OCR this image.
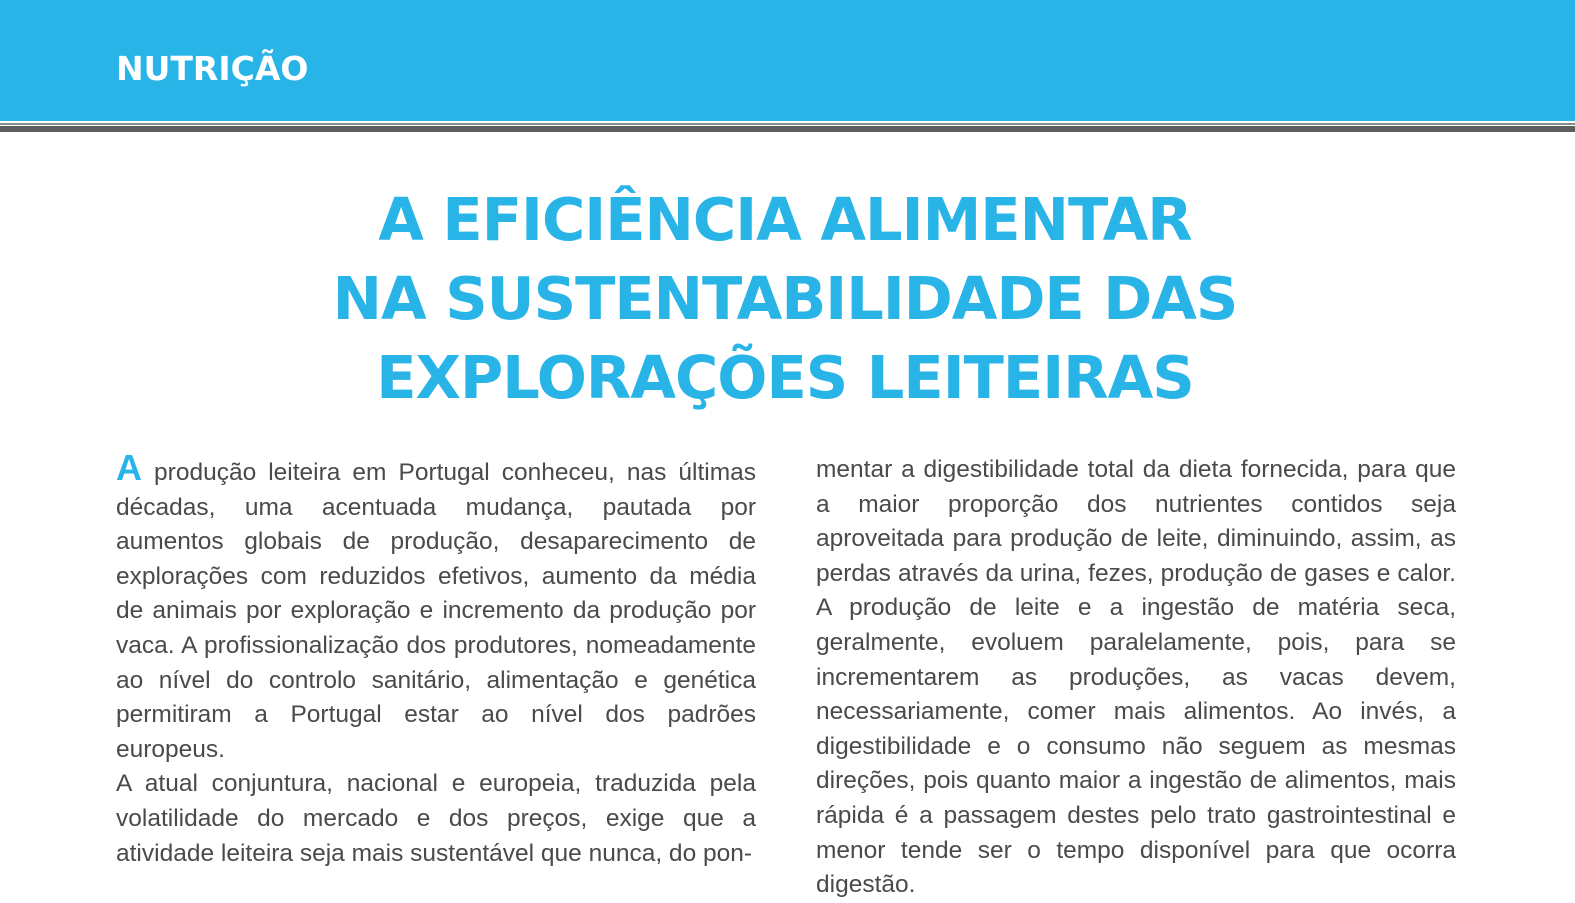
NUTRIÇÃO
A EFICIÊNCIA ALIMENTAR
NA SUSTENTABILIDADE DAS
EXPLORAÇÕES LEITEIRAS

A produção leiteira em Portugal conheceu, nas últimas décadas, uma acentuada mudança, pautada por aumentos globais de produção, desaparecimento de explorações com reduzidos efetivos, aumento da média de animais por exploração e incremento da produção por vaca. A profissionalização dos produtores, nomeadamente ao nível do controlo sanitário, alimentação e genética permitiram a Portugal estar ao nível dos padrões europeus.

A atual conjuntura, nacional e europeia, traduzida pela volatilidade do mercado e dos preços, exige que a atividade leiteira seja mais sustentável que nunca, do pon-

mentar a digestibilidade total da dieta fornecida, para que a maior proporção dos nutrientes contidos seja aproveitada para produção de leite, diminuindo, assim, as perdas através da urina, fezes, produção de gases e calor. A produção de leite e a ingestão de matéria seca, geralmente, evoluem paralelamente, pois, para se incrementarem as produções, as vacas devem, necessariamente, comer mais alimentos. Ao invés, a digestibilidade e o consumo não seguem as mesmas direções, pois quanto maior a ingestão de alimentos, mais rápida é a passagem destes pelo trato gastrointestinal e menor tende ser o tempo disponível para que ocorra digestão.
